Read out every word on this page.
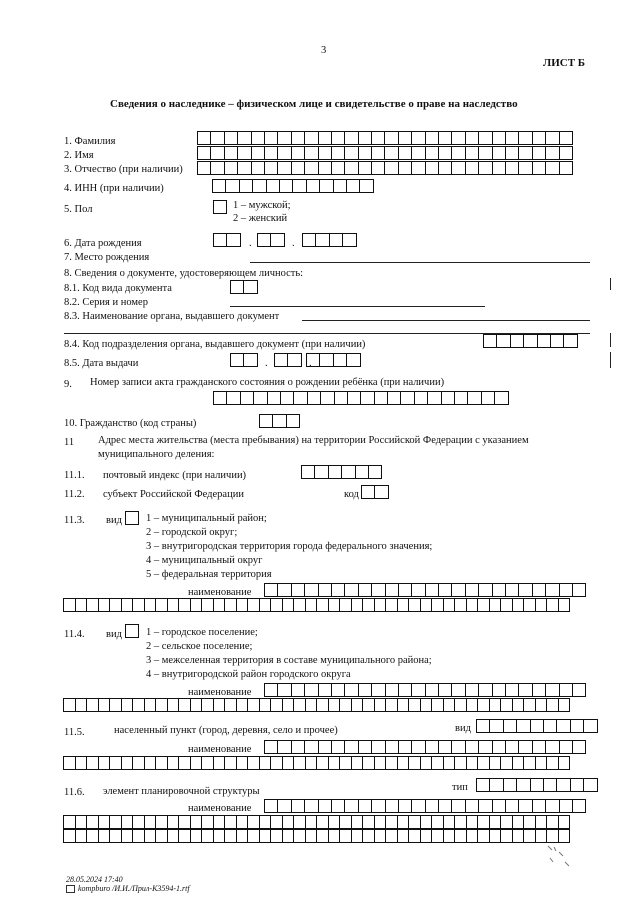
3
ЛИСТ Б
Сведения о наследнике – физическом лице и свидетельстве о праве на наследство
1. Фамилия
2. Имя
3. Отчество (при наличии)
4. ИНН (при наличии)
5. Пол	1 – мужской;
2 – женский
6. Дата рождения	.	.
7. Место рождения
8. Сведения о документе, удостоверяющем личность:
8.1. Код вида документа
8.2. Серия и номер
8.3. Наименование органа, выдавшего документ
8.4. Код подразделения органа, выдавшего документ (при наличии)
8.5. Дата выдачи	.	.
9. Номер записи акта гражданского состояния о рождении ребёнка (при наличии)
10. Гражданство (код страны)
11 Адрес места жительства (места пребывания) на территории Российской Федерации с указанием
муниципального деления:
11.1. почтовый индекс (при наличии)
11.2. субъект Российской Федерации	код
11.3. вид 1 – муниципальный район;
2 – городской округ;
3 – внутригородская территория города федерального значения;
4 – муниципальный округ
5 – федеральная территория
наименование
11.4. вид 1 – городское поселение;
2 – сельское поселение;
3 – межселенная территория в составе муниципального района;
4 – внутригородской район городского округа
наименование
11.5.	населенный пункт (город, деревня, село и прочее)	вид
наименование
11.6. элемент планировочной структуры	тип
наименование
28.05.2024 17:40
kompburo /И.И./Прил-К3594-1.rtf
